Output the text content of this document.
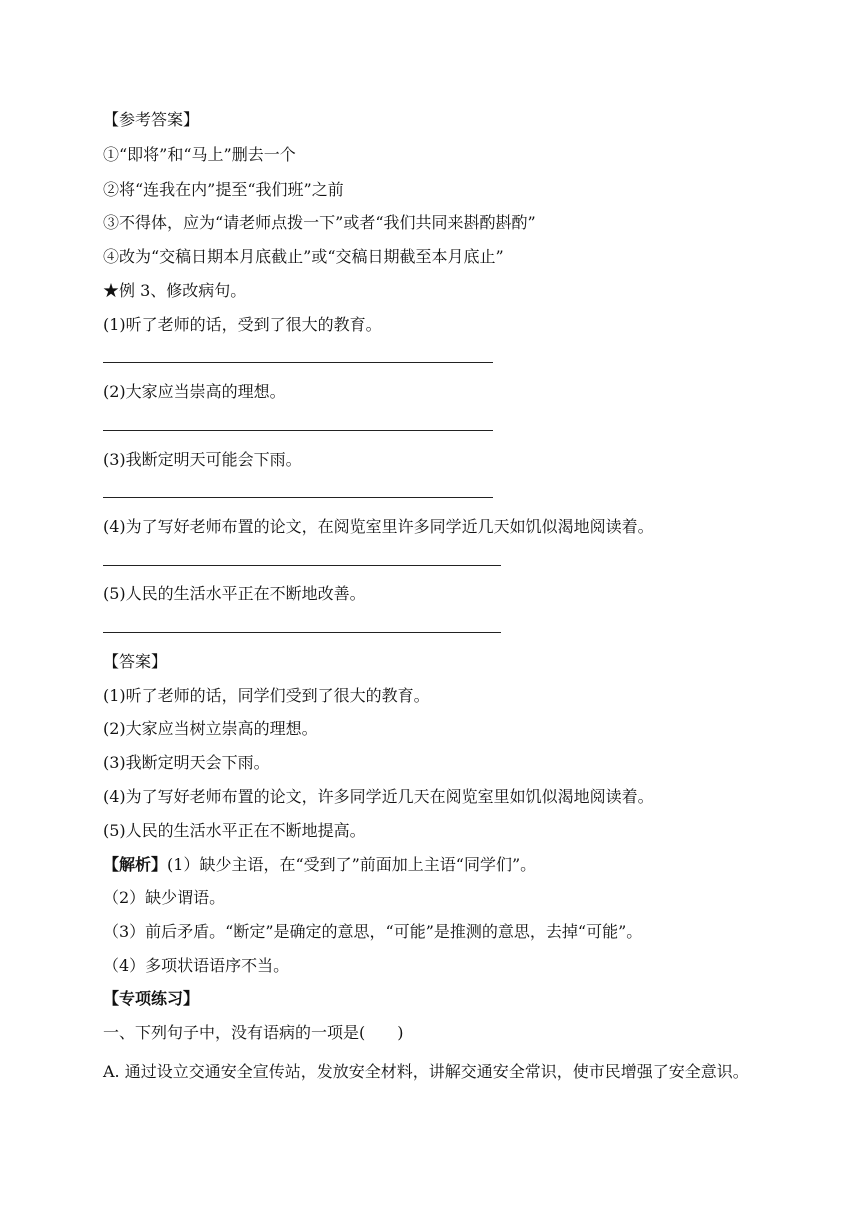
【参考答案】
①“即将”和“马上”删去一个
②将“连我在内”提至“我们班”之前
③不得体，应为“请老师点拨一下”或者“我们共同来斟酌斟酌”
④改为“交稿日期本月底截止”或“交稿日期截至本月底止”
★例 3、修改病句。
(1)听了老师的话，受到了很大的教育。
(2)大家应当崇高的理想。
(3)我断定明天可能会下雨。
(4)为了写好老师布置的论文，在阅览室里许多同学近几天如饥似渴地阅读着。
(5)人民的生活水平正在不断地改善。
【答案】
(1)听了老师的话，同学们受到了很大的教育。
(2)大家应当树立崇高的理想。
(3)我断定明天会下雨。
(4)为了写好老师布置的论文，许多同学近几天在阅览室里如饥似渴地阅读着。
(5)人民的生活水平正在不断地提高。
【解析】(1）缺少主语，在“受到了”前面加上主语“同学们”。
（2）缺少谓语。
（3）前后矛盾。“断定”是确定的意思，“可能”是推测的意思，去掉“可能”。
（4）多项状语语序不当。
【专项练习】
一、下列句子中，没有语病的一项是(　　)
A. 通过设立交通安全宣传站，发放安全材料，讲解交通安全常识，使市民增强了安全意识。
